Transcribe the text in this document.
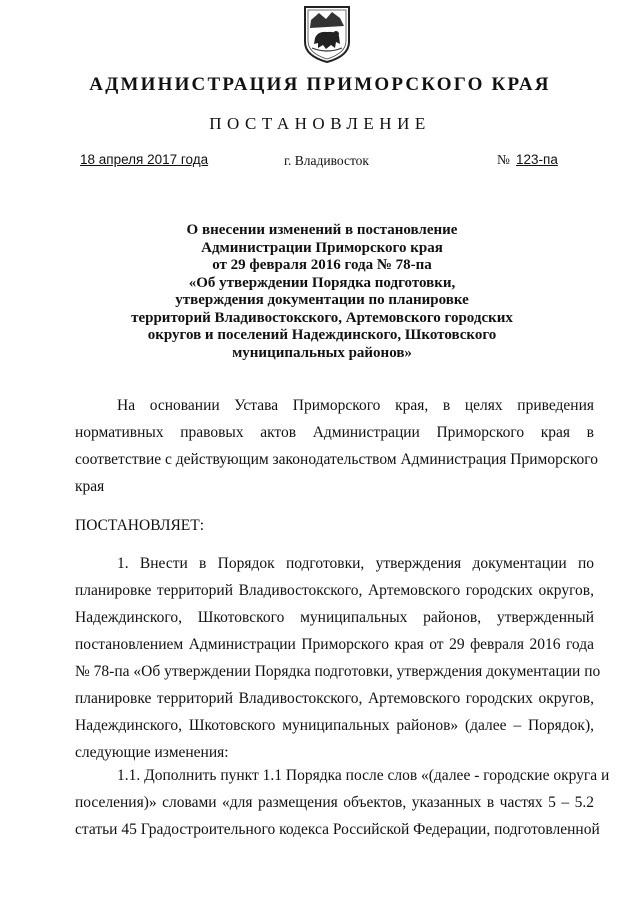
АДМИНИСТРАЦИЯ ПРИМОРСКОГО КРАЯ
ПОСТАНОВЛЕНИЕ
18 апреля 2017 года	г. Владивосток	№ 123-па
О внесении изменений в постановление
Администрации Приморского края
от 29 февраля 2016 года № 78-па
«Об утверждении Порядка подготовки,
утверждения документации по планировке
территорий Владивостокского, Артемовского городских
округов и поселений Надеждинского, Шкотовского
муниципальных районов»
На основании Устава Приморского края, в целях приведения
нормативных правовых актов Администрации Приморского края в
соответствие с действующим законодательством Администрация Приморского
края
ПОСТАНОВЛЯЕТ:
1. Внести в Порядок подготовки, утверждения документации по
планировке территорий Владивостокского, Артемовского городских округов,
Надеждинского, Шкотовского муниципальных районов, утвержденный
постановлением Администрации Приморского края от 29 февраля 2016 года
№ 78-па «Об утверждении Порядка подготовки, утверждения документации по
планировке территорий Владивостокского, Артемовского городских округов,
Надеждинского, Шкотовского муниципальных районов» (далее – Порядок),
следующие изменения:
1.1. Дополнить пункт 1.1 Порядка после слов «(далее - городские округа и
поселения)» словами «для размещения объектов, указанных в частях 5 – 5.2
статьи 45 Градостроительного кодекса Российской Федерации, подготовленной
